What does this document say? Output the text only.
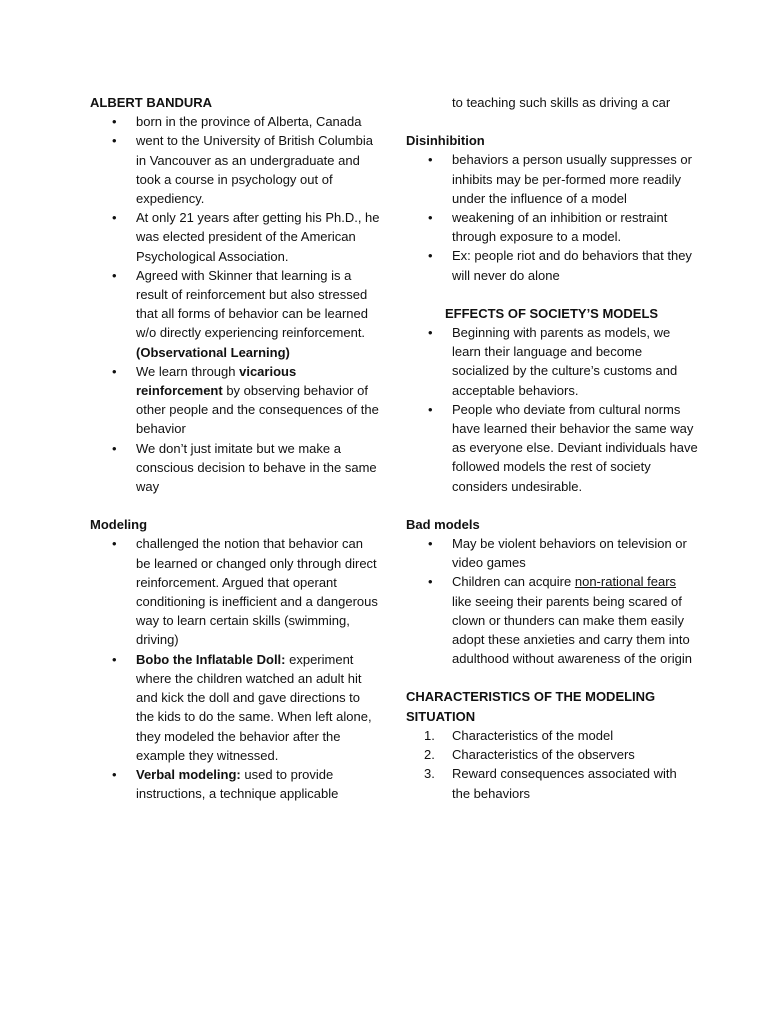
ALBERT BANDURA
• born in the province of Alberta, Canada
• went to the University of British Columbia in Vancouver as an undergraduate and took a course in psychology out of expediency.
• At only 21 years after getting his Ph.D., he was elected president of the American Psychological Association.
• Agreed with Skinner that learning is a result of reinforcement but also stressed that all forms of behavior can be learned w/o directly experiencing reinforcement.
(Observational Learning)
• We learn through vicarious reinforcement by observing behavior of other people and the consequences of the behavior
• We don’t just imitate but we make a conscious decision to behave in the same way
Modeling
• challenged the notion that behavior can be learned or changed only through direct reinforcement. Argued that operant conditioning is inefficient and a dangerous way to learn certain skills (swimming, driving)
• Bobo the Inflatable Doll: experiment where the children watched an adult hit and kick the doll and gave directions to the kids to do the same. When left alone, they modeled the behavior after the example they witnessed.
• Verbal modeling: used to provide instructions, a technique applicable
to teaching such skills as driving a car
Disinhibition
• behaviors a person usually suppresses or inhibits may be per-formed more readily under the influence of a model
• weakening of an inhibition or restraint through exposure to a model.
• Ex: people riot and do behaviors that they will never do alone
EFFECTS OF SOCIETY’S MODELS
• Beginning with parents as models, we learn their language and become socialized by the culture’s customs and acceptable behaviors.
• People who deviate from cultural norms have learned their behavior the same way as everyone else. Deviant individuals have followed models the rest of society considers undesirable.
Bad models
• May be violent behaviors on television or video games
• Children can acquire non-rational fears like seeing their parents being scared of clown or thunders can make them easily adopt these anxieties and carry them into adulthood without awareness of the origin
CHARACTERISTICS OF THE MODELING SITUATION
1. Characteristics of the model
2. Characteristics of the observers
3. Reward consequences associated with the behaviors
